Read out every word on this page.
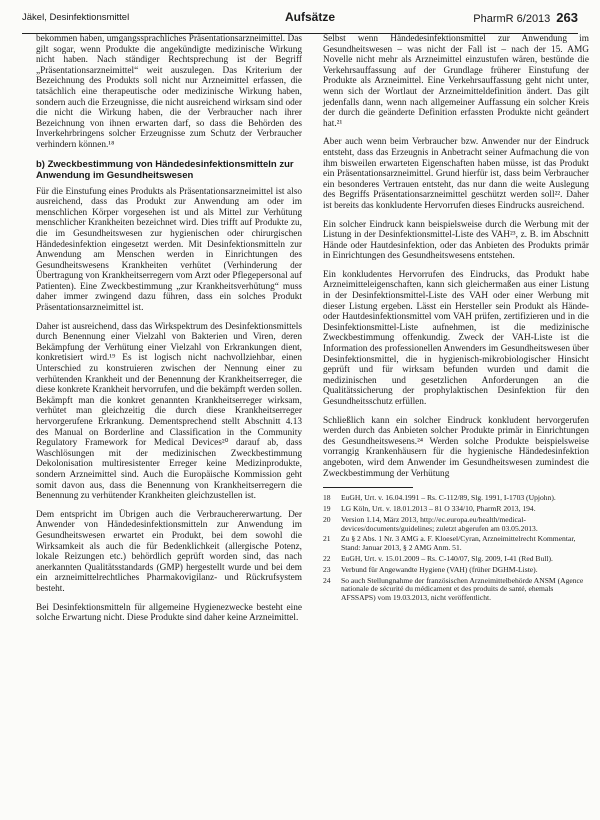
Jäkel, Desinfektionsmittel	Aufsätze	PharmR 6/2013 263

bekommen haben, umgangssprachliches Präsentationsarzneimittel. Das gilt sogar, wenn Produkte die angekündigte medizinische Wirkung nicht haben. Nach ständiger Rechtsprechung ist der Begriff „Präsentationsarzneimittel“ weit auszulegen. Das Kriterium der Bezeichnung des Produkts soll nicht nur Arzneimittel erfassen, die tatsächlich eine therapeutische oder medizinische Wirkung haben, sondern auch die Erzeugnisse, die nicht ausreichend wirksam sind oder die nicht die Wirkung haben, die der Verbraucher nach ihrer Bezeichnung von ihnen erwarten darf, so dass die Behörden des Inverkehrbringens solcher Erzeugnisse zum Schutz der Verbraucher verhindern können.¹⁸

b) Zweckbestimmung von Händedesinfektionsmitteln zur Anwendung im Gesundheitswesen

Für die Einstufung eines Produkts als Präsentationsarzneimittel ist also ausreichend, dass das Produkt zur Anwendung am oder im menschlichen Körper vorgesehen ist und als Mittel zur Verhütung menschlicher Krankheiten bezeichnet wird. Dies trifft auf Produkte zu, die im Gesundheitswesen zur hygienischen oder chirurgischen Händedesinfektion eingesetzt werden. Mit Desinfektionsmitteln zur Anwendung am Menschen werden in Einrichtungen des Gesundheitswesens Krankheiten verhütet (Verhinderung der Übertragung von Krankheitserregern vom Arzt oder Pflegepersonal auf Patienten). Eine Zweckbestimmung „zur Krankheitsverhütung“ muss daher immer zwingend dazu führen, dass ein solches Produkt Präsentationsarzneimittel ist.

Daher ist ausreichend, dass das Wirkspektrum des Desinfektionsmittels durch Benennung einer Vielzahl von Bakterien und Viren, deren Bekämpfung der Verhütung einer Vielzahl von Erkrankungen dient, konkretisiert wird.¹⁹ Es ist logisch nicht nachvollziehbar, einen Unterschied zu konstruieren zwischen der Nennung einer zu verhütenden Krankheit und der Benennung der Krankheitserreger, die diese konkrete Krankheit hervorrufen, und die bekämpft werden sollen. Bekämpft man die konkret genannten Krankheitserreger wirksam, verhütet man gleichzeitig die durch diese Krankheitserreger hervorgerufene Erkrankung. Dementsprechend stellt Abschnitt 4.13 des Manual on Borderline and Classification in the Community Regulatory Framework for Medical Devices²⁰ darauf ab, dass Waschlösungen mit der medizinischen Zweckbestimmung Dekolonisation multiresistenter Erreger keine Medizinprodukte, sondern Arzneimittel sind. Auch die Europäische Kommission geht somit davon aus, dass die Benennung von Krankheitserregern die Benennung zu verhütender Krankheiten gleichzustellen ist.

Dem entspricht im Übrigen auch die Verbrauchererwartung. Der Anwender von Händedesinfektionsmitteln zur Anwendung im Gesundheitswesen erwartet ein Produkt, bei dem sowohl die Wirksamkeit als auch die für Bedenklichkeit (allergische Potenz, lokale Reizungen etc.) behördlich geprüft worden sind, das nach anerkannten Qualitätsstandards (GMP) hergestellt wurde und bei dem ein arzneimittelrechtliches Pharmakovigilanz- und Rückrufsystem besteht.

Bei Desinfektionsmitteln für allgemeine Hygienezwecke besteht eine solche Erwartung nicht. Diese Produkte sind daher keine Arzneimittel.

Selbst wenn Händedesinfektionsmittel zur Anwendung im Gesundheitswesen – was nicht der Fall ist – nach der 15. AMG Novelle nicht mehr als Arzneimittel einzustufen wären, bestünde die Verkehrsauffassung auf der Grundlage früherer Einstufung der Produkte als Arzneimittel. Eine Verkehrsauffassung geht nicht unter, wenn sich der Wortlaut der Arzneimitteldefinition ändert. Das gilt jedenfalls dann, wenn nach allgemeiner Auffassung ein solcher Kreis der durch die geänderte Definition erfassten Produkte nicht geändert hat.²¹

Aber auch wenn beim Verbraucher bzw. Anwender nur der Eindruck entsteht, dass das Erzeugnis in Anbetracht seiner Aufmachung die von ihm bisweilen erwarteten Eigenschaften haben müsse, ist das Produkt ein Präsentationsarzneimittel. Grund hierfür ist, dass beim Verbraucher ein besonderes Vertrauen entsteht, das nur dann die weite Auslegung des Begriffs Präsentationsarzneimittel geschützt werden soll²². Daher ist bereits das konkludente Hervorrufen dieses Eindrucks ausreichend.

Ein solcher Eindruck kann beispielsweise durch die Werbung mit der Listung in der Desinfektionsmittel-Liste des VAH²³, z. B. im Abschnitt Hände oder Hautdesinfektion, oder das Anbieten des Produkts primär in Einrichtungen des Gesundheitswesens entstehen.

Ein konkludentes Hervorrufen des Eindrucks, das Produkt habe Arzneimitteleigenschaften, kann sich gleichermaßen aus einer Listung in der Desinfektionsmittel-Liste des VAH oder einer Werbung mit dieser Listung ergeben. Lässt ein Hersteller sein Produkt als Hände- oder Hautdesinfektionsmittel vom VAH prüfen, zertifizieren und in die Desinfektionsmittel-Liste aufnehmen, ist die medizinische Zweckbestimmung offenkundig. Zweck der VAH-Liste ist die Information des professionellen Anwenders im Gesundheitswesen über Desinfektionsmittel, die in hygienisch-mikrobiologischer Hinsicht geprüft und für wirksam befunden wurden und damit die medizinischen und gesetzlichen Anforderungen an die Qualitätssicherung der prophylaktischen Desinfektion für den Gesundheitsschutz erfüllen.

Schließlich kann ein solcher Eindruck konkludent hervorgerufen werden durch das Anbieten solcher Produkte primär in Einrichtungen des Gesundheitswesens.²⁴ Werden solche Produkte beispielsweise vorrangig Krankenhäusern für die hygienische Händedesinfektion angeboten, wird dem Anwender im Gesundheitswesen zumindest die Zweckbestimmung der Verhütung

18	EuGH, Urt. v. 16.04.1991 – Rs. C-112/89, Slg. 1991, I-1703 (Upjohn).
19	LG Köln, Urt. v. 18.01.2013 – 81 O 334/10, PharmR 2013, 194.
20	Version 1.14, März 2013, http://ec.europa.eu/health/medical-devices/documents/guidelines; zuletzt abgerufen am 03.05.2013.
21	Zu § 2 Abs. 1 Nr. 3 AMG a. F. Kloesel/Cyran, Arzneimittelrecht Kommentar, Stand: Januar 2013, § 2 AMG Anm. 51.
22	EuGH, Urt. v. 15.01.2009 – Rs. C-140/07, Slg. 2009, I-41 (Red Bull).
23	Verbund für Angewandte Hygiene (VAH) (früher DGHM-Liste).
24	So auch Stellungnahme der französischen Arzneimittelbehörde ANSM (Agence nationale de sécurité du médicament et des produits de santé, ehemals AFSSAPS) vom 19.03.2013, nicht veröffentlicht.
